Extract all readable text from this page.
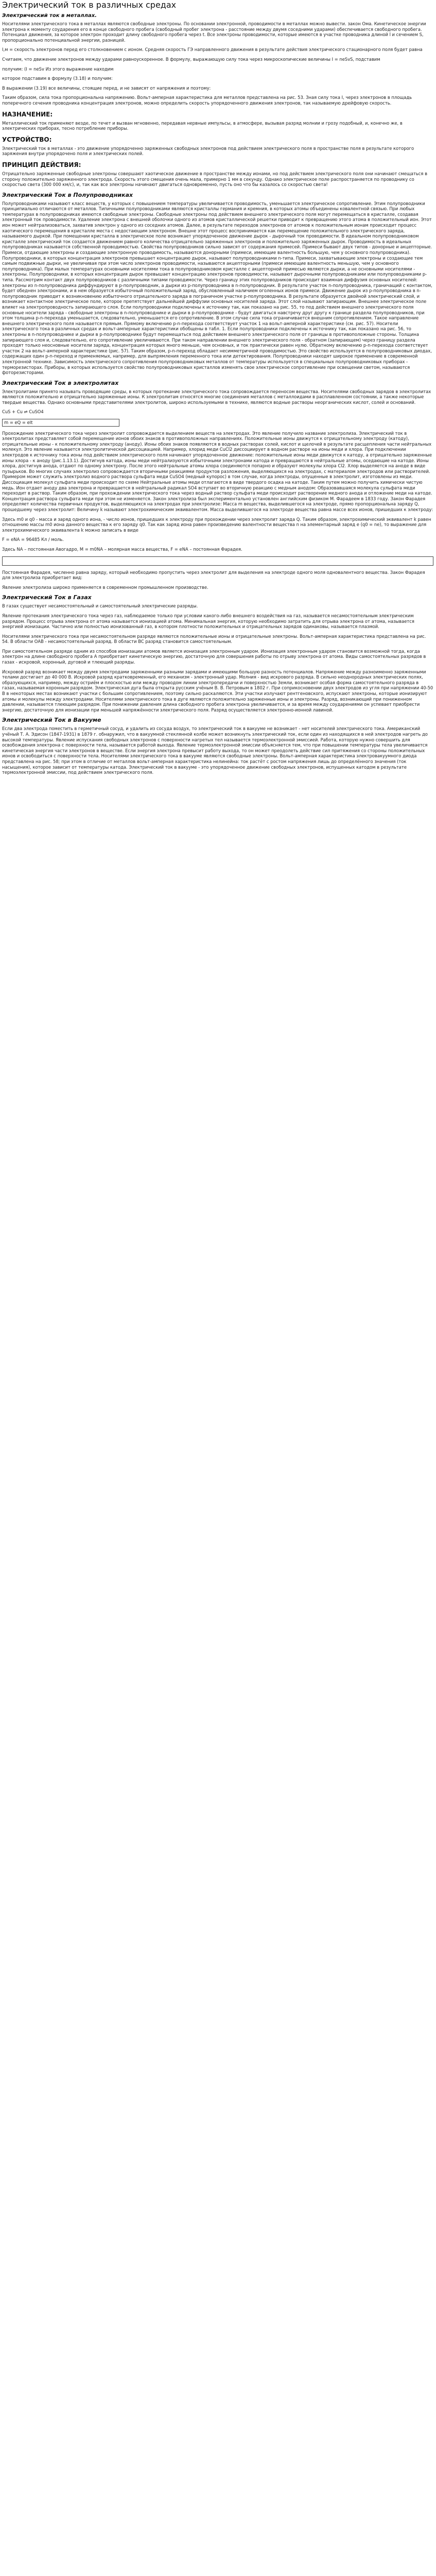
Электрический ток в различных средах
Электрический ток в металлах.
Носителями электрического тока в металлах являются свободные электроны. По основании электронной, проводимости в металлах можно вывести. закон Ома. Кинетическое энергии электрона к моменту соударения его в конце свободного пробега (свободный пробег электрона - расстояние между двумя соседними ударами) обеспечивается свободного пробега. Потенциал движения, за которое электрон проходит длину свободного пробега через t. Все электроны проводимости, которые имеются в участке проводника длиной l и сечением S, пропорционально потенциальной энергии, разницей.
I,м = скорость электронов перед его столкновением с ионом. Средняя скорость ГЭ направленного движения в результате действия электрического стационарного поля будет равна
Считаем, что движение электронов между ударами равноускоренное. В формулу, выражающую силу тока через микроскопические величины I = neSvS, подставим
получим: (I = neSv Из этого выражение находим
которое подставим в формулу (3.18) и получим:
В выражении (3.19) все величины, стоящие перед, и не зависят от напряжения и поэтому:
Таким образом, сила тока пропорциональна напряжению. Вольт-амперная характеристика для металлов представлена на рис. 53. Зная силу тока I, через электронов в площадь поперечного сечения проводника концентрация электронов, можно определить скорость упорядоченного движения электронов, так называемую дрейфовую скорость.
НАЗНАЧЕНИЕ:
Металлический ток применяют везде, по течет и вызван мгновенно, передавая нервные импульсы, в атмосфере, вызывая разряд молнии и грозу подобный, и, конечно же, в электрических приборах, тесно потребление приборы.
УСТРОЙСТВО:
Электрический ток в металлах - это движение упорядоченно заряженных свободных электронов под действием электрического поля в пространстве поля в результате которого заряжения внутри упорядочено поля и электрических полей.
ПРИНЦИП ДЕЙСТВИЯ:
Отрицательно заряженные свободные электроны совершают хаотическое движение в пространстве между ионами, но под действием электрического поля они начинают смещаться в сторону положительно заряженного электрода. Скорость этого смещения очень мала, примерно 1 мм в секунду. Однако электрическое поле распространяется по проводнику со скоростью света (300 000 км/с), и, так как все электроны начинают двигаться одновременно, пусть оно что бы казалось со скоростью света!
Электрический Ток в Полупроводниках
Полупроводниками называют класс веществ, у которых с повышением температуры увеличивается проводимость, уменьшается электрическое сопротивление. Этим полупроводники принципиально отличаются от металлов. Типичными полупроводниками являются кристаллы германия и кремния, в которых атомы объединены ковалентной связью. При любых температурах в полупроводниках имеются свободные электроны. Свободные электроны под действием внешнего электрического поля могут перемещаться в кристалле, создавая электронный ток проводимости. Удаление электрона с внешней оболочки одного из атомов кристаллической решетки приводит к превращению этого атома в положительный ион. Этот ион может нейтрализоваться, захватив электрон у одного из соседних атомов. Далее, в результате переходов электронов от атомов к положительным ионам происходит процесс хаотического перемещения в кристалле места с недостающим электроном. Внешне этот процесс воспринимается как перемещение положительного электрического заряда, называемого дыркой. При помещении кристалла в электрическое поле возникает упорядоченное движение дырок - дырочный ток проводимости. В идеальном полупроводниковом кристалле электрический ток создается движением равного количества отрицательно заряженных электронов и положительно заряженных дырок. Проводимость в идеальных полупроводниках называется собственной проводимостью. Свойства полупроводников сильно зависят от содержания примесей. Примеси бывают двух типов - донорные и акцепторные. Примеси, отдающие электроны и создающие электронную проводимость, называются донорными (примеси, имеющие валентность большую, чем у основного полупроводника). Полупроводники, в которых концентрация электронов превышает концентрацию дырок, называют полупроводниками n-типа. Примеси, захватывающие электроны и создающие тем самым подвижные дырки, не увеличивая при этом число электронов проводимости, называются акцепторными (примеси имеющие валентность меньшую, чем у основного полупроводника). При малых температурах основными носителями тока в полупроводниковом кристалле с акцепторной примесью являются дырки, а не основными носителями - электроны. Полупроводники, в которых концентрация дырок превышает концентрацию электронов проводимости, называют дырочными полупроводниками или полупроводниками р-типа. Рассмотрим контакт двух полупроводников с различными типами проводимости. Через границу этих полупроводников происходит взаимная диффузия основных носителей: электроны из n-полупроводника диффундируют в р-полупроводник, а дырки из р-полупроводника в n-полупроводник. В результате участок n-полупроводника, граничащий с контактом, будет обеднен электронами, и в нем образуется избыточный положительный заряд, обусловленный наличием оголенных ионов примеси. Движение дырок из р-полупроводника в n-полупроводник приводит к возникновению избыточного отрицательного заряда в пограничном участке р-полупроводника. В результате образуется двойной электрический слой, и возникает контактное электрическое поле, которое препятствует дальнейшей диффузии основных носителей заряда. Этот слой называют запирающим. Внешнее электрическое поле влияет на электропроводность запирающего слоя. Если полупроводники подключены к источнику так, как показано на рис. 55, то под действием внешнего электрического поля основные носители заряда - свободные электроны в n-полупроводнике и дырки в р-полупроводнике - будут двигаться навстречу друг другу к границе раздела полупроводников, при этом толщина р-n-перехода уменьшается, следовательно, уменьшается его сопротивление. В этом случае сила тока ограничивается внешним сопротивлением. Такое направление внешнего электрического поля называется прямым. Прямому включению р-n-перехода соответствует участок 1 на вольт-амперной характеристике (см. рис. 57). Носители электрического тока в различных средах и вольт-амперные характеристики обобщены в табл. 1. Если полупроводники подключены к источнику так, как показано на рис. 56, то электроны в n-полупроводнике и дырки в р-полупроводнике будут перемещаться под действием внешнего электрического поля от границы в противоположные стороны. Толщина запирающего слоя и, следовательно, его сопротивление увеличиваются. При таком направлении внешнего электрического поля - обратном (запирающем) через границу раздела проходят только неосновные носители заряда, концентрация которых много меньше, чем основных, и ток практически равен нулю. Обратному включению р-n-перехода соответствует участок 2 на вольт-амперной характеристике (рис. 57). Таким образом, р-n-переход обладает несимметричной проводимостью. Это свойство используется в полупроводниковых диодах, содержащих один р-n-переход и применяемых, например, для выпрямления переменного тока или детектирования. Полупроводники находят широкое применение в современной электронной технике. Зависимость электрического сопротивления полупроводниковых металлов от температуры используется в специальных полупроводниковых приборах - терморезисторах. Приборы, в которых используется свойство полупроводниковых кристаллов изменять свое электрическое сопротивление при освещении светом, называются фоторезисторами.
Электрический Ток в электролитах
Электролитами принято называть проводящие среды, в которых протекание электрического тока сопровождается переносом вещества. Носителями свободных зарядов в электролитах являются положительно и отрицательно заряженные ионы. К электролитам относятся многие соединения металлов с металлоидами в расплавленном состоянии, а также некоторые твердые вещества. Однако основными представителями электролитов, широко используемыми в технике, являются водные растворы неорганических кислот, солей и оснований.
CuS + Cu ⇌ CuSO4
m = eQ = eIt
Прохождение электрического тока через электролит сопровождается выделением веществ на электродах. Это явление получило название электролиза. Электрический ток в электролитах представляет собой перемещение ионов обоих знаков в противоположных направлениях. Положительные ионы движутся к отрицательному электроду (катоду), отрицательные ионы - к положительному электроду (аноду). Ионы обоих знаков появляются в водных растворах солей, кислот и щелочей в результате расщепления части нейтральных молекул. Это явление называется электролитической диссоциацией. Например, хлорид меди CuCl2 диссоциирует в водном растворе на ионы меди и хлора. При подключении электродов к источнику тока ионы под действием электрического поля начинают упорядоченное движение: положительные ионы меди движутся к катоду, а отрицательно заряженные ионы хлора - к аноду (рис.1.13.1). Достигнув катода, ионы меди нейтрализуются избыточными электронами катода и превращаются в нейтральные атомы, оседающие на катоде. Ионы хлора, достигнув анода, отдают по одному электрону. После этого нейтральные атомы хлора соединяются попарно и образуют молекулы хлора Cl2. Хлор выделяется на аноде в виде пузырьков. Во многих случаях электролиз сопровождается вторичными реакциями продуктов разложения, выделяющихся на электродах, с материалом электродов или растворителей. Примером может служить электролиз водного раствора сульфата меди CuSO4 (медный купорос) в том случае, когда электроды, опущенные в электролит, изготовлены из меди. Диссоциация молекул сульфата меди происходит по схеме Нейтральные атомы меди отлагаются в виде твердого осадка на катоде. Таким путем можно получить химически чистую медь. Ион отдает аноду два электрона и превращается в нейтральный радикал SO4 вступает во вторичную реакцию с медным анодом: Образовавшаяся молекула сульфата меди переходит в раствор. Таким образом, при прохождении электрического тока через водный раствор сульфата меди происходит растворение медного анода и отложение меди на катоде. Концентрация раствора сульфата меди при этом не изменяется. Закон электролиза был экспериментально установлен английским физиком М. Фарадеем в 1833 году. Закон Фарадея определяет количества первичных продуктов, выделяющихся на электродах при электролизе: Масса m вещества, выделившегося на электроде, прямо пропорциональна заряду Q, прошедшему через электролит: Величину k называют электрохимическим эквивалентом. Масса выделившегося на электроде вещества равна массе всех ионов, пришедших к электроду:
Здесь m0 и q0 - масса и заряд одного иона, - число ионов, пришедших к электроду при прохождении через электролит заряда Q. Таким образом, электрохимический эквивалент k равен отношению массы m0 иона данного вещества к его заряду q0. Так как заряд иона равен произведению валентности вещества n на элементарный заряд e (q0 = ne), то выражение для электрохимического эквивалента k можно записать в виде
F = eNA = 96485 Кл / моль.
Здесь NA – постоянная Авогадро, M = m0NA – молярная масса вещества, F = eNA – постоянная Фарадея.
Постоянная Фарадея, численно равна заряду, который необходимо пропустить через электролит для выделения на электроде одного моля одновалентного вещества. Закон Фарадея для электролиза приобретает вид:
Явление электролиза широко применяется в современном промышленном производстве.
Электрический Ток в Газах
В газах существует несамостоятельный и самостоятельный электрические разряды.
Явление протекания электрического тока через газ, наблюдаемое только при условии какого-либо внешнего воздействия на газ, называется несамостоятельным электрическим разрядом. Процесс отрыва электрона от атома называется ионизацией атома. Минимальная энергия, которую необходимо затратить для отрыва электрона от атома, называется энергией ионизации. Частично или полностью ионизованный газ, в котором плотности положительных и отрицательных зарядов одинаковы, называется плазмой.
Носителями электрического тока при несамостоятельном разряде являются положительные ионы и отрицательные электроны. Вольт-амперная характеристика представлена на рис. 54. В области ОАВ - несамостоятельный разряд. В области BC разряд становится самостоятельным.
При самостоятельном разряде одним из способов ионизации атомов является ионизация электронным ударом. Ионизация электронным ударом становится возможной тогда, когда электрон на длине свободного пробега А приобретает кинетическую энергию, достаточную для совершения работы по отрыву электрона от атома. Виды самостоятельных разрядов в газах - искровой, коронный, дуговой и тлеющий разряды.
Искровой разряд возникает между двумя электродами заряженными разными зарядами и имеющими большую разность потенциалов. Напряжение между разноименно заряженными телами достигает до 40 000 В. Искровой разряд кратковременный, его механизм - электронный удар. Молния - вид искрового разряда. В сильно неоднородных электрических полях, образующихся, например, между остриём и плоскостью или между проводом линии электропередачи и поверхностью Земли, возникает особая форма самостоятельного разряда в газах, называемая коронным разрядом. Электрическая дуга была открыта русским учёным В. В. Петровым в 1802 г. При соприкосновении двух электродов из угля при напряжении 40-50 В в некоторых местах возникают участки с большим сопротивлением, поэтому сильно раскаляются. Эти участки излучают рентгеновского, испускают электроны, которые ионизируют атомы и молекулы между электродами. Носителями электрического тока в дуге являются положительно заряженные ионы и электроны. Разряд, возникающий при пониженном давлении, называется тлеющим разрядом. При понижении давления длина свободного пробега электрона увеличивается, и за время между соударениями он успевает приобрести энергию, достаточную для ионизации при меньшей напряжённости электрического поля. Разряд осуществляется электронно-ионной лавиной.
Электрический Ток в Вакууме
Если два электрода поместить в герметичный сосуд, и удалить из сосуда воздух, то электрический ток в вакууме не возникает - нет носителей электрического тока. Американский учёный Т. А. Эдисон (1847-1931) в 1879 г. обнаружил, что в вакуумной стеклянной колбе может возникнуть электрический ток, если один из находящихся в ней электродов нагреть до высокой температуры. Явление испускания свободных электронов с поверхности нагретых тел называется термоэлектронной эмиссией. Работа, которую нужно совершить для освобождения электрона с поверхности тела, называется работой выхода. Явление термоэлектронной эмиссии объясняется тем, что при повышении температуры тела увеличивается кинетическая энергия части электронов в веществе. Если энергия электрона превысит работу выхода, то он может преодолеть действие сил притяжения со стороны положительных ионов и освободиться с поверхности тела. Носителями электрического тока в вакууме являются свободные электроны. Вольт-амперная характеристика электровакуумного диода представлена на рис. 58; при этом в отличие от металлов вольт-амперная характеристика нелинейна: ток растёт с ростом напряжения лишь до определённого значения (ток насыщения), которое зависит от температуры катода. Электрический ток в вакууме - это упорядоченное движение свободных электронов, испущенных катодом в результате термоэлектронной эмиссии, под действием электрического поля.
